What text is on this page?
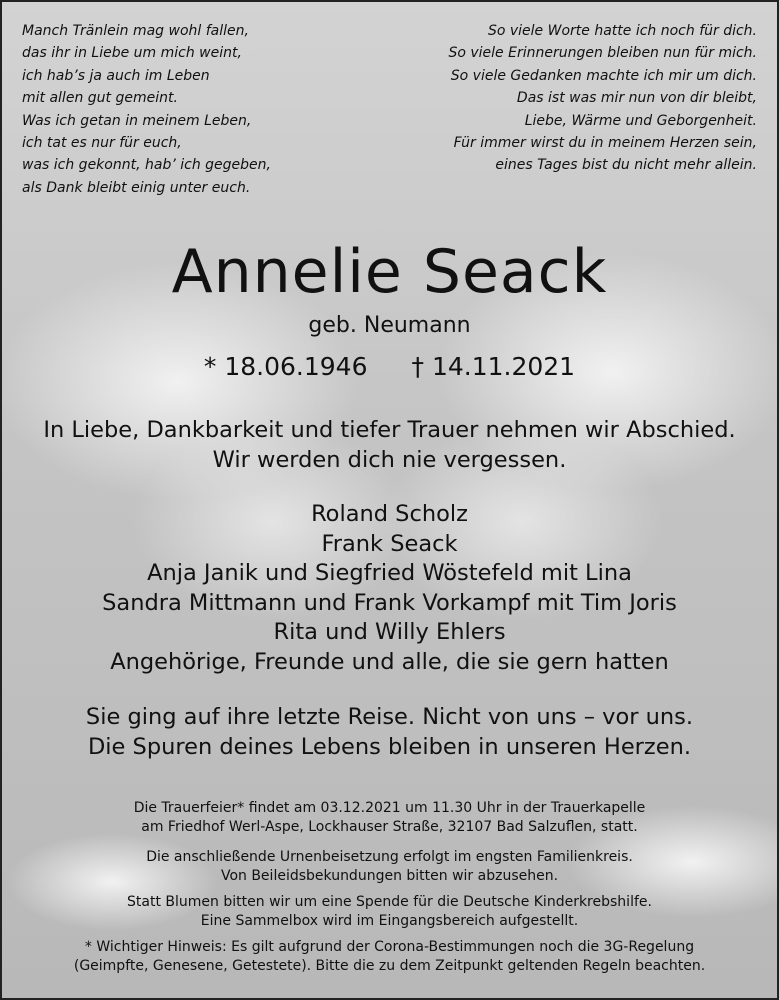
Manch Tränlein mag wohl fallen,
das ihr in Liebe um mich weint,
ich hab’s ja auch im Leben
mit allen gut gemeint.
Was ich getan in meinem Leben,
ich tat es nur für euch,
was ich gekonnt, hab’ ich gegeben,
als Dank bleibt einig unter euch.
So viele Worte hatte ich noch für dich.
So viele Erinnerungen bleiben nun für mich.
So viele Gedanken machte ich mir um dich.
Das ist was mir nun von dir bleibt,
Liebe, Wärme und Geborgenheit.
Für immer wirst du in meinem Herzen sein,
eines Tages bist du nicht mehr allein.
Annelie Seack
geb. Neumann
* 18.06.1946 † 14.11.2021
In Liebe, Dankbarkeit und tiefer Trauer nehmen wir Abschied.
Wir werden dich nie vergessen.
Roland Scholz
Frank Seack
Anja Janik und Siegfried Wöstefeld mit Lina
Sandra Mittmann und Frank Vorkampf mit Tim Joris
Rita und Willy Ehlers
Angehörige, Freunde und alle, die sie gern hatten
Sie ging auf ihre letzte Reise. Nicht von uns – vor uns.
Die Spuren deines Lebens bleiben in unseren Herzen.
Die Trauerfeier* findet am 03.12.2021 um 11.30 Uhr in der Trauerkapelle
am Friedhof Werl-Aspe, Lockhauser Straße, 32107 Bad Salzuflen, statt.
Die anschließende Urnenbeisetzung erfolgt im engsten Familienkreis.
Von Beileidsbekundungen bitten wir abzusehen.
Statt Blumen bitten wir um eine Spende für die Deutsche Kinderkrebshilfe.
Eine Sammelbox wird im Eingangsbereich aufgestellt.
* Wichtiger Hinweis: Es gilt aufgrund der Corona-Bestimmungen noch die 3G-Regelung
(Geimpfte, Genesene, Getestete). Bitte die zu dem Zeitpunkt geltenden Regeln beachten.
